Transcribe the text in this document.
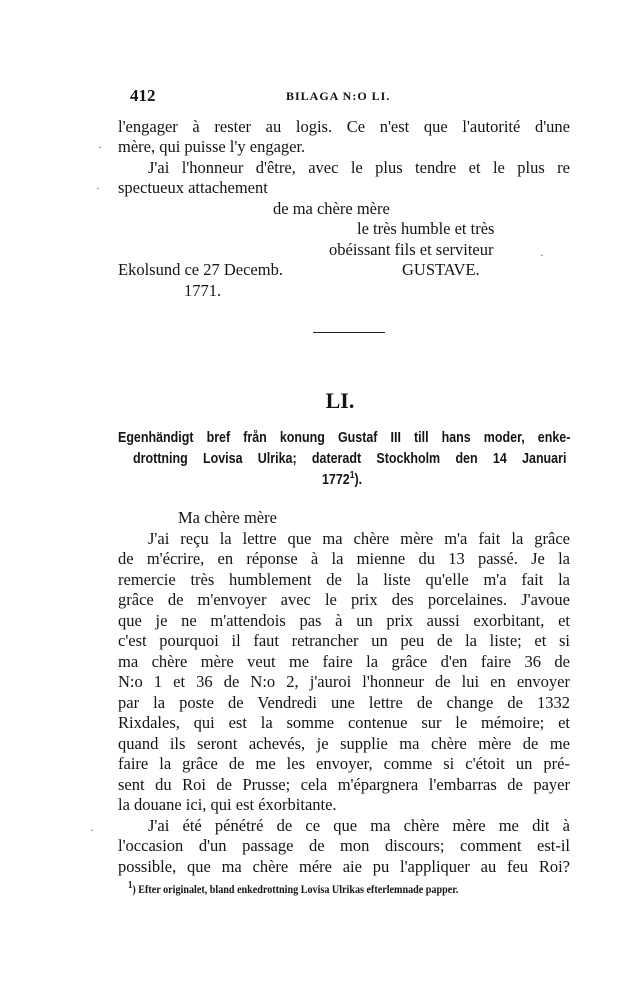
412	BILAGA N:O LI.
l'engager à rester au logis. Ce n'est que l'autorité d'une
mère, qui puisse l'y engager.
J'ai l'honneur d'être, avec le plus tendre et le plus re
spectueux attachement
de ma chère mère
le très humble et très
obéissant fils et serviteur
Ekolsund ce 27 Decemb.	GUSTAVE.
1771.
LI.
Egenhändigt bref från konung Gustaf III till hans moder, enke-
drottning Lovisa Ulrika; dateradt Stockholm den 14 Januari
1772$^1$).
Ma chère mère
J'ai reçu la lettre que ma chère mère m'a fait la grâce
de m'écrire, en réponse à la mienne du 13 passé. Je la
remercie très humblement de la liste qu'elle m'a fait la
grâce de m'envoyer avec le prix des porcelaines. J'avoue
que je ne m'attendois pas à un prix aussi exorbitant, et
c'est pourquoi il faut retrancher un peu de la liste; et si
ma chère mère veut me faire la grâce d'en faire 36 de
N:o 1 et 36 de N:o 2, j'auroi l'honneur de lui en envoyer
par la poste de Vendredi une lettre de change de 1332
Rixdales, qui est la somme contenue sur le mémoire; et
quand ils seront achevés, je supplie ma chère mère de me
faire la grâce de me les envoyer, comme si c'étoit un pré-
sent du Roi de Prusse; cela m'épargnera l'embarras de payer
la douane ici, qui est éxorbitante.
J'ai été pénétré de ce que ma chère mère me dit à
l'occasion d'un passage de mon discours; comment est-il
possible, que ma chère mére aie pu l'appliquer au feu Roi?
$^1$) Efter originalet, bland enkedrottning Lovisa Ulrikas efterlemnade papper.
·
·
·
·
